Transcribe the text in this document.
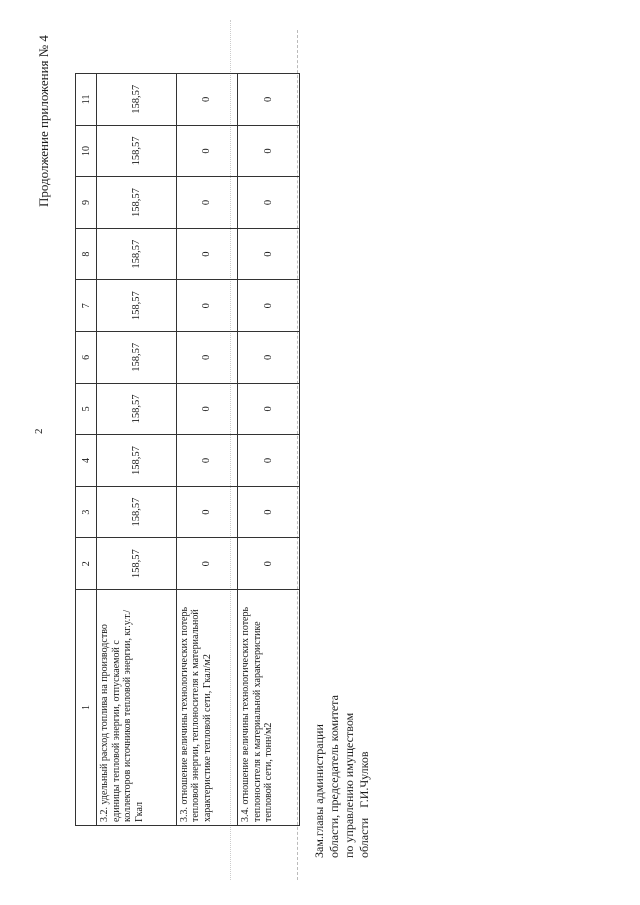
Продолжение приложения № 4
2
1	2	3	4	5	6	7	8	9	10	11
3.2. удельный расход топлива на производство единицы тепловой энергии, отпускаемой с коллекторов источников тепловой энергии, кг.у.т./Гкал	158,57	158,57	158,57	158,57	158,57	158,57	158,57	158,57	158,57	158,57
3.3. отношение величины технологических потерь тепловой энергии, теплоносителя к материальной характеристике тепловой сети, Гкал/м2	0	0	0	0	0	0	0	0	0	0
3.4. отношение величины технологических потерь теплоносителя к материальной характеристике тепловой сети, тонн/м2	0	0	0	0	0	0	0	0	0	0
Зам.главы администрации области, председатель комитета по управлению имуществом областиГ.И.Чулков
